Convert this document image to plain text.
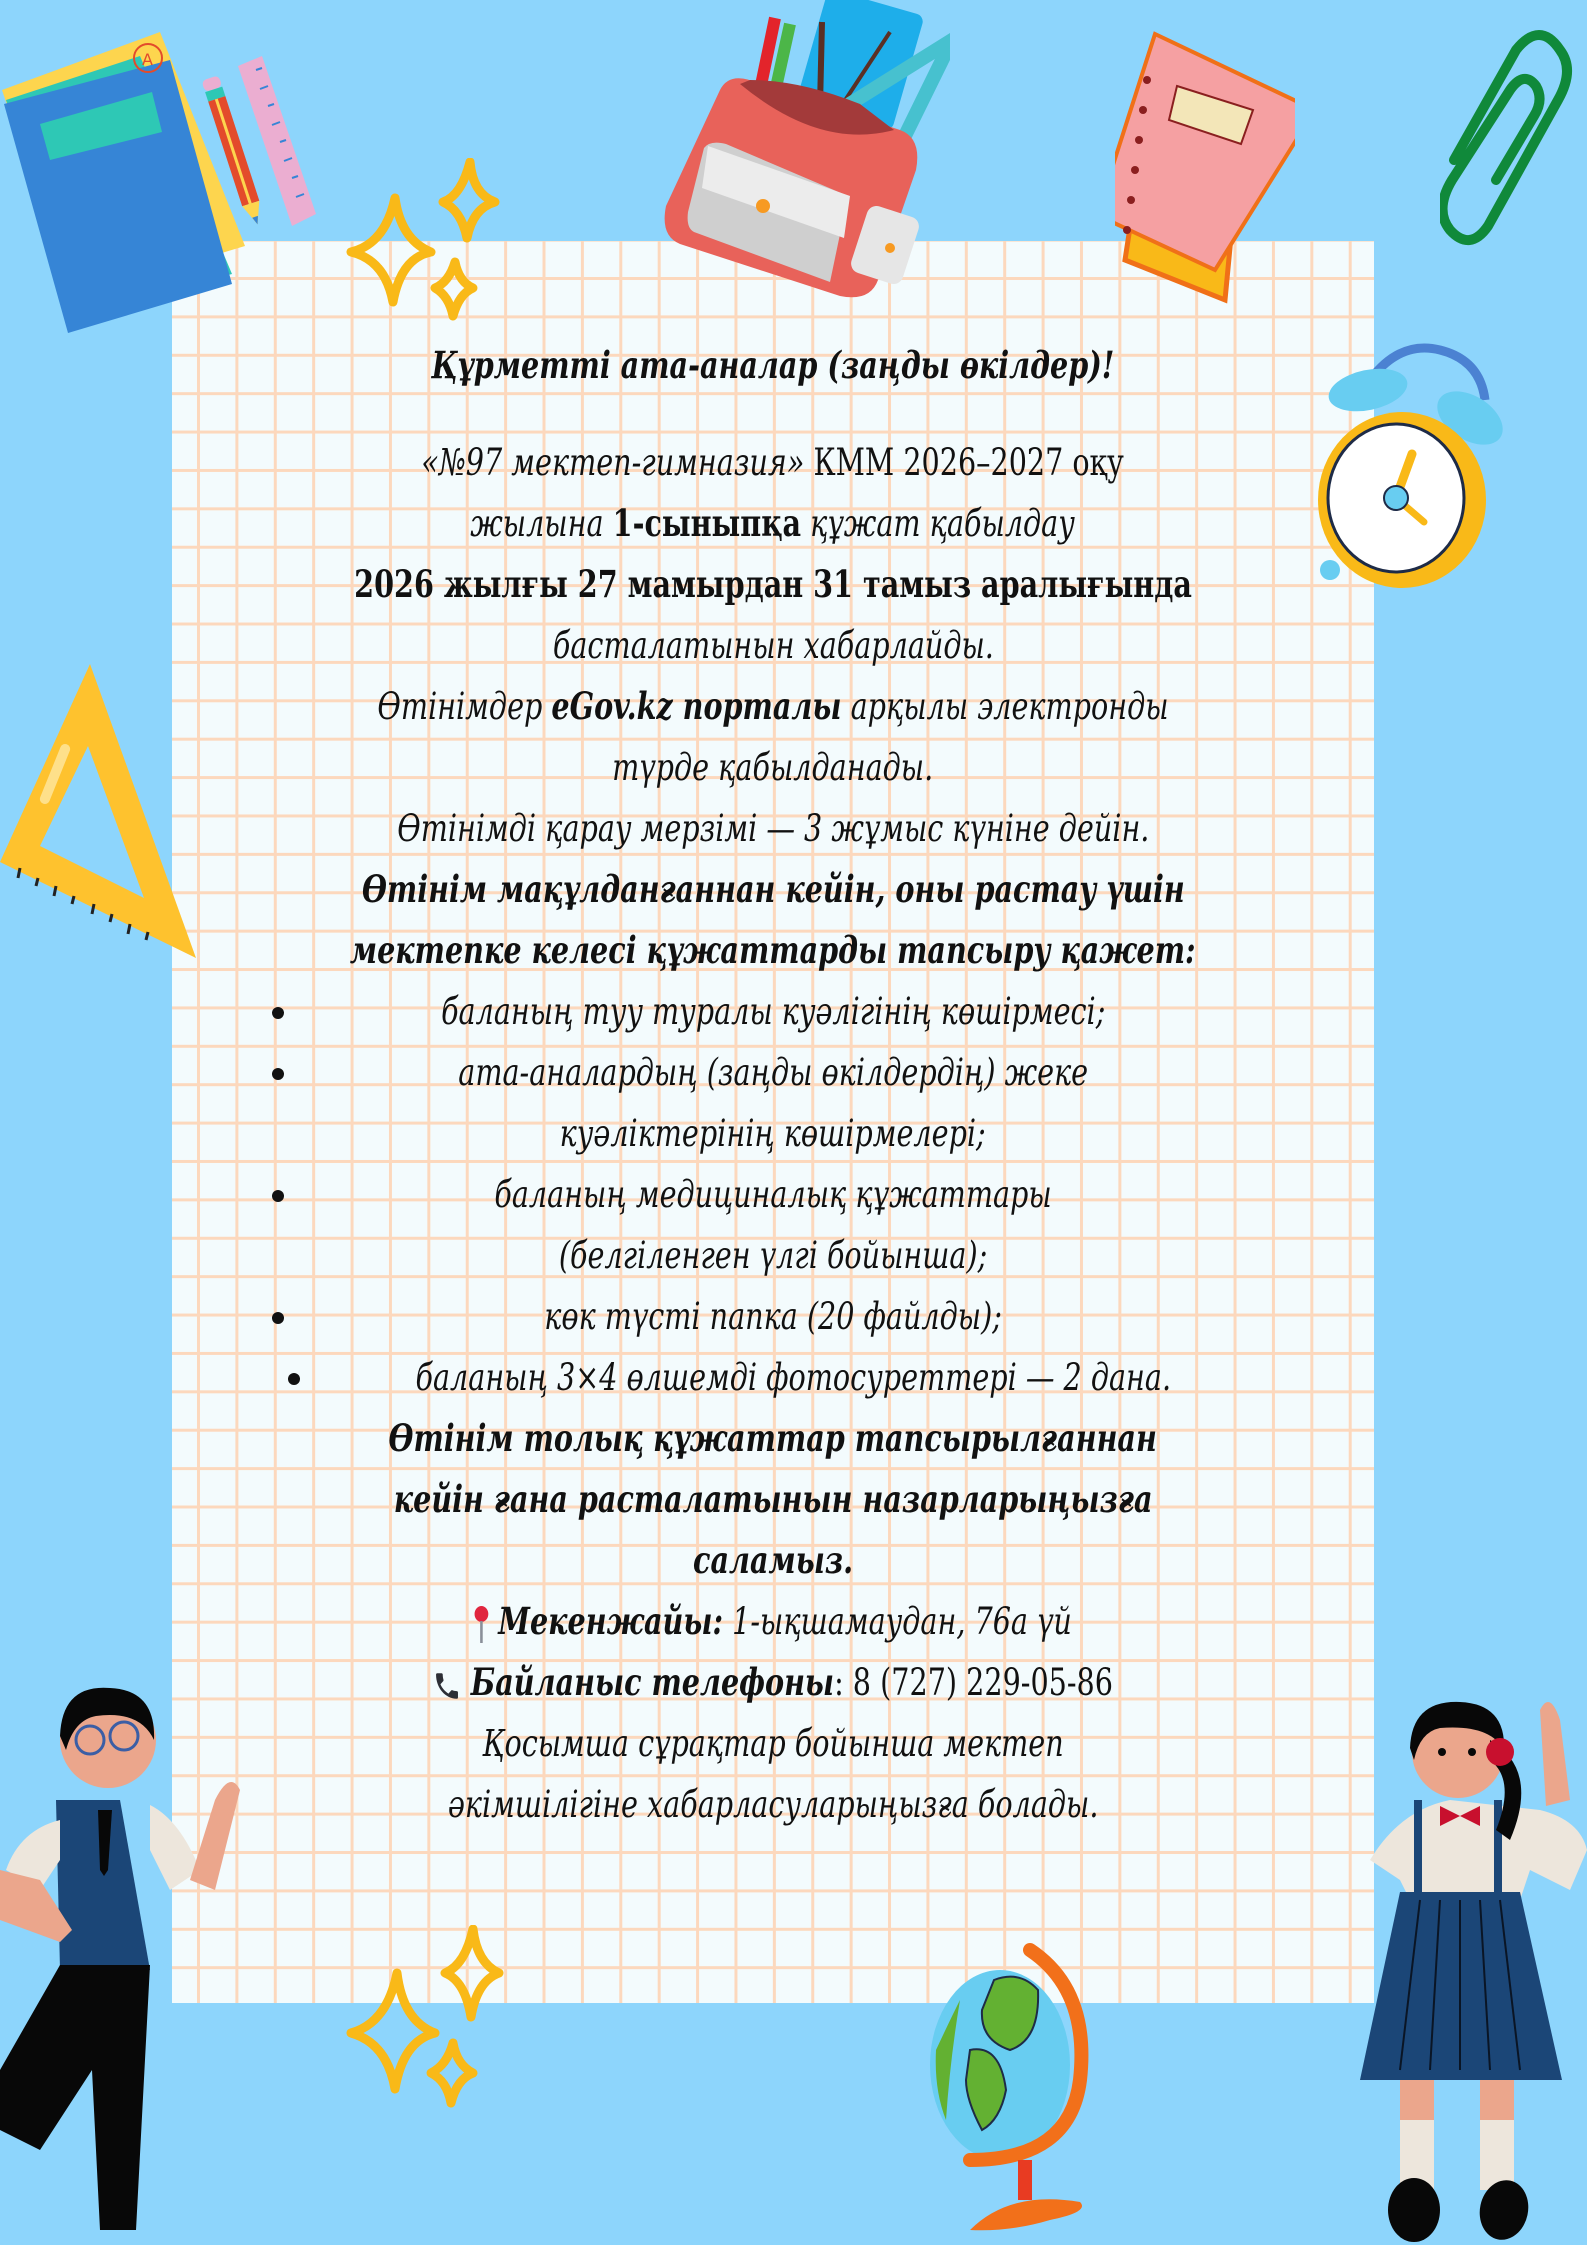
A
Құрметті ата-аналар (заңды өкілдер)!
«№97 мектеп-гимназия» КММ 2026–2027 оқу
жылына 1-сыныпқа құжат қабылдау
2026 жылғы 27 мамырдан 31 тамыз аралығында
басталатынын хабарлайды.
Өтінімдер eGov.kz порталы арқылы электронды
түрде қабылданады.
Өтінімді қарау мерзімі — 3 жұмыс күніне дейін.
Өтінім мақұлданғаннан кейін, оны растау үшін
мектепке келесі құжаттарды тапсыру қажет:
баланың туу туралы куәлігінің көшірмесі;
ата-аналардың (заңды өкілдердің) жеке
куәліктерінің көшірмелері;
баланың медициналық құжаттары
(белгіленген үлгі бойынша);
көк түсті папка (20 файлды);
баланың 3×4 өлшемді фотосуреттері — 2 дана.
Өтінім толық құжаттар тапсырылғаннан
кейін ғана расталатынын назарларыңызға
саламыз.
Мекенжайы: 1-ықшамаудан, 76а үй
Байланыс телефоны: 8 (727) 229-05-86
Қосымша сұрақтар бойынша мектеп
әкімшілігіне хабарласуларыңызға болады.
